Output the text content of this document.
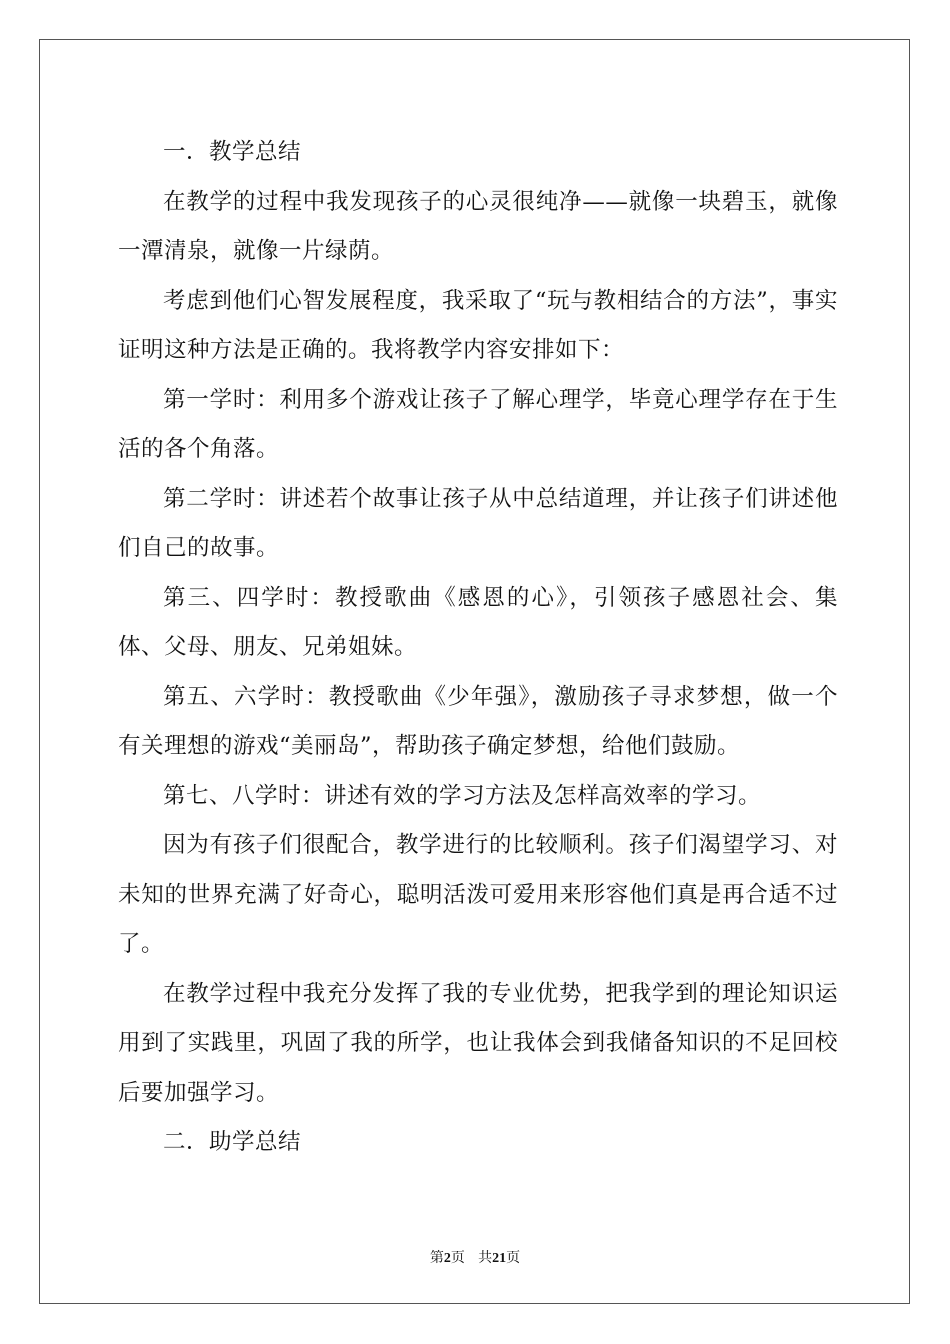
一．教学总结

在教学的过程中我发现孩子的心灵很纯净——就像一块碧玉，就像一潭清泉，就像一片绿荫。

考虑到他们心智发展程度，我采取了“玩与教相结合的方法”，事实证明这种方法是正确的。我将教学内容安排如下：

第一学时：利用多个游戏让孩子了解心理学，毕竟心理学存在于生活的各个角落。

第二学时：讲述若个故事让孩子从中总结道理，并让孩子们讲述他们自己的故事。

第三、四学时：教授歌曲《感恩的心》，引领孩子感恩社会、集体、父母、朋友、兄弟姐妹。

第五、六学时：教授歌曲《少年强》，激励孩子寻求梦想，做一个有关理想的游戏“美丽岛”，帮助孩子确定梦想，给他们鼓励。

第七、八学时：讲述有效的学习方法及怎样高效率的学习。

因为有孩子们很配合，教学进行的比较顺利。孩子们渴望学习、对未知的世界充满了好奇心，聪明活泼可爱用来形容他们真是再合适不过了。

在教学过程中我充分发挥了我的专业优势，把我学到的理论知识运用到了实践里，巩固了我的所学，也让我体会到我储备知识的不足回校后要加强学习。

二．助学总结

第2页 共21页
